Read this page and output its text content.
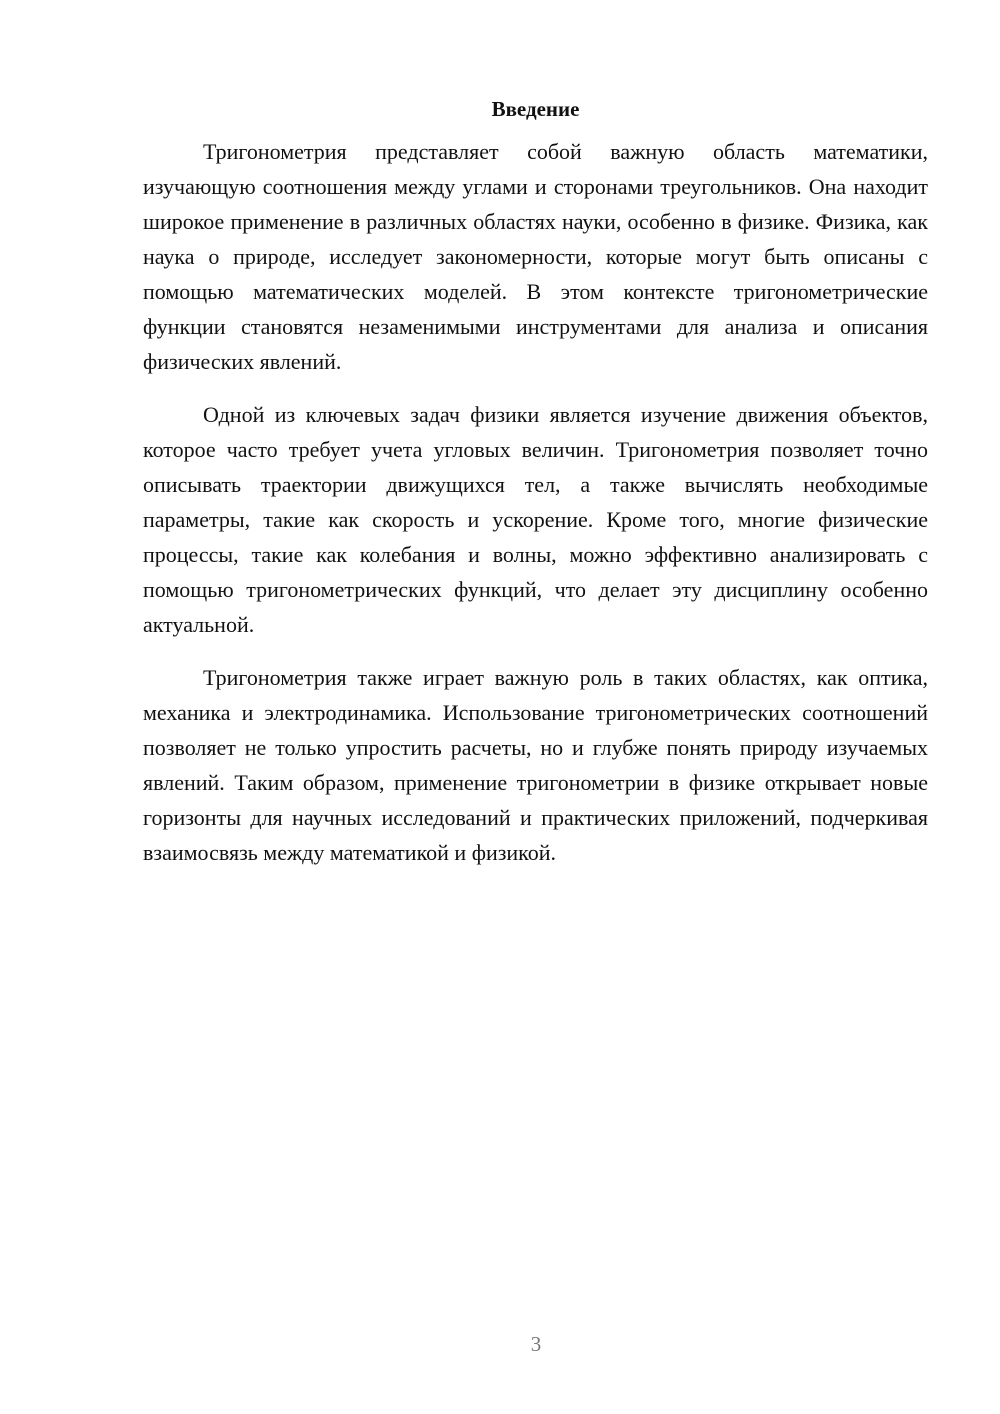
Введение

Тригонометрия представляет собой важную область математики, изучающую соотношения между углами и сторонами треугольников. Она находит широкое применение в различных областях науки, особенно в физике. Физика, как наука о природе, исследует закономерности, которые могут быть описаны с помощью математических моделей. В этом контексте тригонометрические функции становятся незаменимыми инструментами для анализа и описания физических явлений.

Одной из ключевых задач физики является изучение движения объектов, которое часто требует учета угловых величин. Тригонометрия позволяет точно описывать траектории движущихся тел, а также вычислять необходимые параметры, такие как скорость и ускорение. Кроме того, многие физические процессы, такие как колебания и волны, можно эффективно анализировать с помощью тригонометрических функций, что делает эту дисциплину особенно актуальной.

Тригонометрия также играет важную роль в таких областях, как оптика, механика и электродинамика. Использование тригонометрических соотношений позволяет не только упростить расчеты, но и глубже понять природу изучаемых явлений. Таким образом, применение тригонометрии в физике открывает новые горизонты для научных исследований и практических приложений, подчеркивая взаимосвязь между математикой и физикой.

3
